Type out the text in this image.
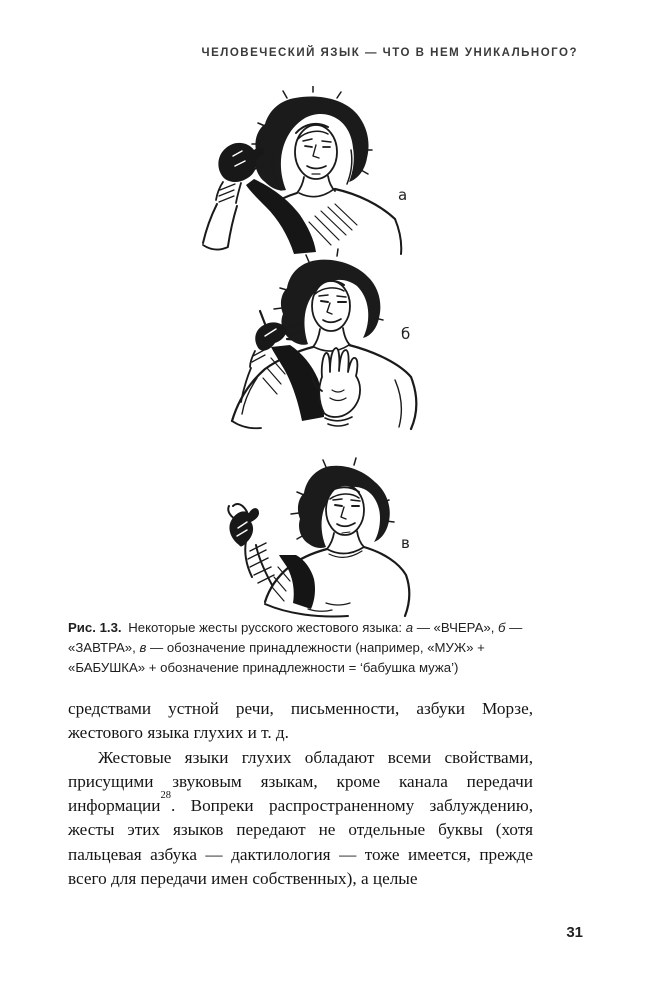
ЧЕЛОВЕЧЕСКИЙ ЯЗЫК — ЧТО В НЕМ УНИКАЛЬНОГО?
а
б
в

Рис. 1.3. Некоторые жесты русского жестового языка: а — «ВЧЕРА», б — «ЗАВТРА», в — обозначение принадлежности (например, «МУЖ» + «БАБУШКА» + обозначение принадлежности = ‘бабушка мужа’)

средствами устной речи, письменности, азбуки Морзе, жестового языка глухих и т. д.

Жестовые языки глухих обладают всеми свойствами, присущими звуковым языкам, кроме канала передачи информации$^{28}$. Вопреки распространенному заблуждению, жесты этих языков передают не отдельные буквы (хотя пальцевая азбука — дактилология — тоже имеется, прежде всего для передачи имен собственных), а целые

31
